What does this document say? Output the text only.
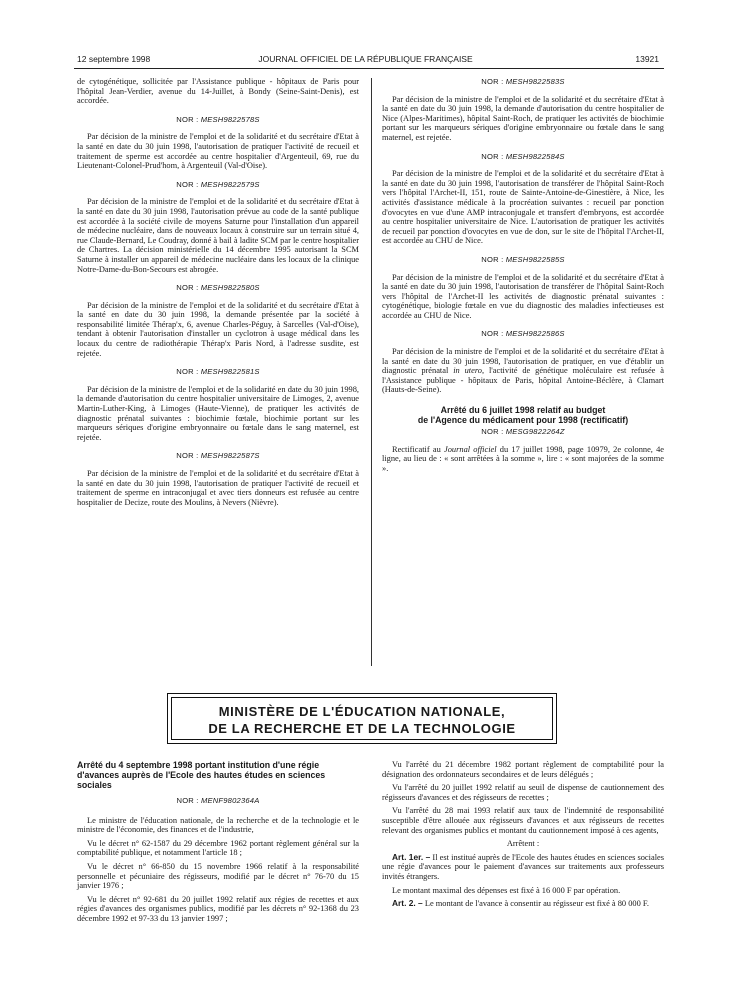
12 septembre 1998	JOURNAL OFFICIEL DE LA RÉPUBLIQUE FRANÇAISE	13921

de cytogénétique, sollicitée par l'Assistance publique - hôpitaux de Paris pour l'hôpital Jean-Verdier, avenue du 14-Juillet, à Bondy (Seine-Saint-Denis), est accordée.

NOR : MESH9822578S

Par décision de la ministre de l'emploi et de la solidarité et du secrétaire d'Etat à la santé en date du 30 juin 1998, l'autorisation de pratiquer l'activité de recueil et traitement de sperme est accordée au centre hospitalier d'Argenteuil, 69, rue du Lieutenant-Colonel-Prud'hom, à Argenteuil (Val-d'Oise).

NOR : MESH9822579S

Par décision de la ministre de l'emploi et de la solidarité et du secrétaire d'Etat à la santé en date du 30 juin 1998, l'autorisation prévue au code de la santé publique est accordée à la société civile de moyens Saturne pour l'installation d'un appareil de médecine nucléaire, dans de nouveaux locaux à construire sur un terrain situé 4, rue Claude-Bernard, Le Coudray, donné à bail à ladite SCM par le centre hospitalier de Chartres. La décision ministérielle du 14 décembre 1995 autorisant la SCM Saturne à installer un appareil de médecine nucléaire dans les locaux de la clinique Notre-Dame-du-Bon-Secours est abrogée.

NOR : MESH9822580S

Par décision de la ministre de l'emploi et de la solidarité et du secrétaire d'Etat à la santé en date du 30 juin 1998, la demande présentée par la société à responsabilité limitée Thérap'x, 6, avenue Charles-Péguy, à Sarcelles (Val-d'Oise), tendant à obtenir l'autorisation d'installer un cyclotron à usage médical dans les locaux du centre de radiothérapie Thérap'x Paris Nord, à l'adresse susdite, est rejetée.

NOR : MESH9822581S

Par décision de la ministre de l'emploi et de la solidarité en date du 30 juin 1998, la demande d'autorisation du centre hospitalier universitaire de Limoges, 2, avenue Martin-Luther-King, à Limoges (Haute-Vienne), de pratiquer les activités de diagnostic prénatal suivantes : biochimie fœtale, biochimie portant sur les marqueurs sériques d'origine embryonnaire ou fœtale dans le sang maternel, est rejetée.

NOR : MESH9822587S

Par décision de la ministre de l'emploi et de la solidarité et du secrétaire d'Etat à la santé en date du 30 juin 1998, l'autorisation de pratiquer l'activité de recueil et traitement de sperme en intraconjugal et avec tiers donneurs est refusée au centre hospitalier de Decize, route des Moulins, à Nevers (Nièvre).

NOR : MESH9822583S

Par décision de la ministre de l'emploi et de la solidarité et du secrétaire d'Etat à la santé en date du 30 juin 1998, la demande d'autorisation du centre hospitalier de Nice (Alpes-Maritimes), hôpital Saint-Roch, de pratiquer les activités de biochimie portant sur les marqueurs sériques d'origine embryonnaire ou fœtale dans le sang maternel, est rejetée.

NOR : MESH9822584S

Par décision de la ministre de l'emploi et de la solidarité et du secrétaire d'Etat à la santé en date du 30 juin 1998, l'autorisation de transférer de l'hôpital Saint-Roch vers l'hôpital l'Archet-II, 151, route de Sainte-Antoine-de-Ginestière, à Nice, les activités d'assistance médicale à la procréation suivantes : recueil par ponction d'ovocytes en vue d'une AMP intraconjugale et transfert d'embryons, est accordée au centre hospitalier universitaire de Nice. L'autorisation de pratiquer les activités de recueil par ponction d'ovocytes en vue de don, sur le site de l'hôpital l'Archet-II, est accordée au CHU de Nice.

NOR : MESH9822585S

Par décision de la ministre de l'emploi et de la solidarité et du secrétaire d'Etat à la santé en date du 30 juin 1998, l'autorisation de transférer de l'hôpital Saint-Roch vers l'hôpital de l'Archet-II les activités de diagnostic prénatal suivantes : cytogénétique, biologie fœtale en vue du diagnostic des maladies infectieuses est accordée au CHU de Nice.

NOR : MESH9822586S

Par décision de la ministre de l'emploi et de la solidarité et du secrétaire d'Etat à la santé en date du 30 juin 1998, l'autorisation de pratiquer, en vue d'établir un diagnostic prénatal in utero, l'activité de génétique moléculaire est refusée à l'Assistance publique - hôpitaux de Paris, hôpital Antoine-Béclère, à Clamart (Hauts-de-Seine).

Arrêté du 6 juillet 1998 relatif au budget
de l'Agence du médicament pour 1998 (rectificatif)
NOR : MESG9822264Z

Rectificatif au Journal officiel du 17 juillet 1998, page 10979, 2e colonne, 4e ligne, au lieu de : « sont arrêtées à la somme », lire : « sont majorées de la somme ».

MINISTÈRE DE L'ÉDUCATION NATIONALE,
DE LA RECHERCHE ET DE LA TECHNOLOGIE
Arrêté du 4 septembre 1998 portant institution d'une régie d'avances auprès de l'Ecole des hautes études en sciences sociales
NOR : MENF9802364A

Le ministre de l'éducation nationale, de la recherche et de la technologie et le ministre de l'économie, des finances et de l'industrie,

Vu le décret n° 62-1587 du 29 décembre 1962 portant règlement général sur la comptabilité publique, et notamment l'article 18 ;

Vu le décret n° 66-850 du 15 novembre 1966 relatif à la responsabilité personnelle et pécuniaire des régisseurs, modifié par le décret n° 76-70 du 15 janvier 1976 ;

Vu le décret n° 92-681 du 20 juillet 1992 relatif aux régies de recettes et aux régies d'avances des organismes publics, modifié par les décrets n° 92-1368 du 23 décembre 1992 et 97-33 du 13 janvier 1997 ;

Vu l'arrêté du 21 décembre 1982 portant règlement de comptabilité pour la désignation des ordonnateurs secondaires et de leurs délégués ;

Vu l'arrêté du 20 juillet 1992 relatif au seuil de dispense de cautionnement des régisseurs d'avances et des régisseurs de recettes ;

Vu l'arrêté du 28 mai 1993 relatif aux taux de l'indemnité de responsabilité susceptible d'être allouée aux régisseurs d'avances et aux régisseurs de recettes relevant des organismes publics et montant du cautionnement imposé à ces agents,

Arrêtent :

Art. 1er. – Il est institué auprès de l'Ecole des hautes études en sciences sociales une régie d'avances pour le paiement d'avances sur traitements aux professeurs invités étrangers.

Le montant maximal des dépenses est fixé à 16 000 F par opération.

Art. 2. – Le montant de l'avance à consentir au régisseur est fixé à 80 000 F.
